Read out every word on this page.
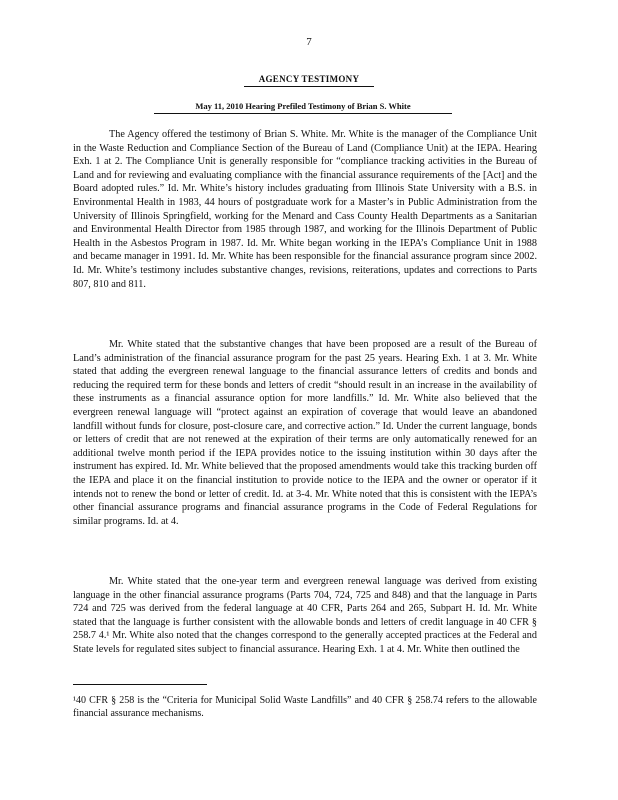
7
AGENCY TESTIMONY
May 11, 2010 Hearing Prefiled Testimony of Brian S. White

The Agency offered the testimony of Brian S. White. Mr. White is the manager of the Compliance Unit in the Waste Reduction and Compliance Section of the Bureau of Land (Compliance Unit) at the IEPA. Hearing Exh. 1 at 2. The Compliance Unit is generally responsible for “compliance tracking activities in the Bureau of Land and for reviewing and evaluating compliance with the financial assurance requirements of the [Act] and the Board adopted rules.” Id. Mr. White’s history includes graduating from Illinois State University with a B.S. in Environmental Health in 1983, 44 hours of postgraduate work for a Master’s in Public Administration from the University of Illinois Springfield, working for the Menard and Cass County Health Departments as a Sanitarian and Environmental Health Director from 1985 through 1987, and working for the Illinois Department of Public Health in the Asbestos Program in 1987. Id. Mr. White began working in the IEPA’s Compliance Unit in 1988 and became manager in 1991. Id. Mr. White has been responsible for the financial assurance program since 2002. Id. Mr. White’s testimony includes substantive changes, revisions, reiterations, updates and corrections to Parts 807, 810 and 811.

Mr. White stated that the substantive changes that have been proposed are a result of the Bureau of Land’s administration of the financial assurance program for the past 25 years. Hearing Exh. 1 at 3. Mr. White stated that adding the evergreen renewal language to the financial assurance letters of credits and bonds and reducing the required term for these bonds and letters of credit “should result in an increase in the availability of these instruments as a financial assurance option for more landfills.” Id. Mr. White also believed that the evergreen renewal language will “protect against an expiration of coverage that would leave an abandoned landfill without funds for closure, post-closure care, and corrective action.” Id. Under the current language, bonds or letters of credit that are not renewed at the expiration of their terms are only automatically renewed for an additional twelve month period if the IEPA provides notice to the issuing institution within 30 days after the instrument has expired. Id. Mr. White believed that the proposed amendments would take this tracking burden off the IEPA and place it on the financial institution to provide notice to the IEPA and the owner or operator if it intends not to renew the bond or letter of credit. Id. at 3-4. Mr. White noted that this is consistent with the IEPA’s other financial assurance programs and financial assurance programs in the Code of Federal Regulations for similar programs. Id. at 4.

Mr. White stated that the one-year term and evergreen renewal language was derived from existing language in the other financial assurance programs (Parts 704, 724, 725 and 848) and that the language in Parts 724 and 725 was derived from the federal language at 40 CFR, Parts 264 and 265, Subpart H. Id. Mr. White stated that the language is further consistent with the allowable bonds and letters of credit language in 40 CFR § 258.7 4.¹ Mr. White also noted that the changes correspond to the generally accepted practices at the Federal and State levels for regulated sites subject to financial assurance. Hearing Exh. 1 at 4. Mr. White then outlined the

¹40 CFR § 258 is the “Criteria for Municipal Solid Waste Landfills” and 40 CFR § 258.74 refers to the allowable financial assurance mechanisms.
